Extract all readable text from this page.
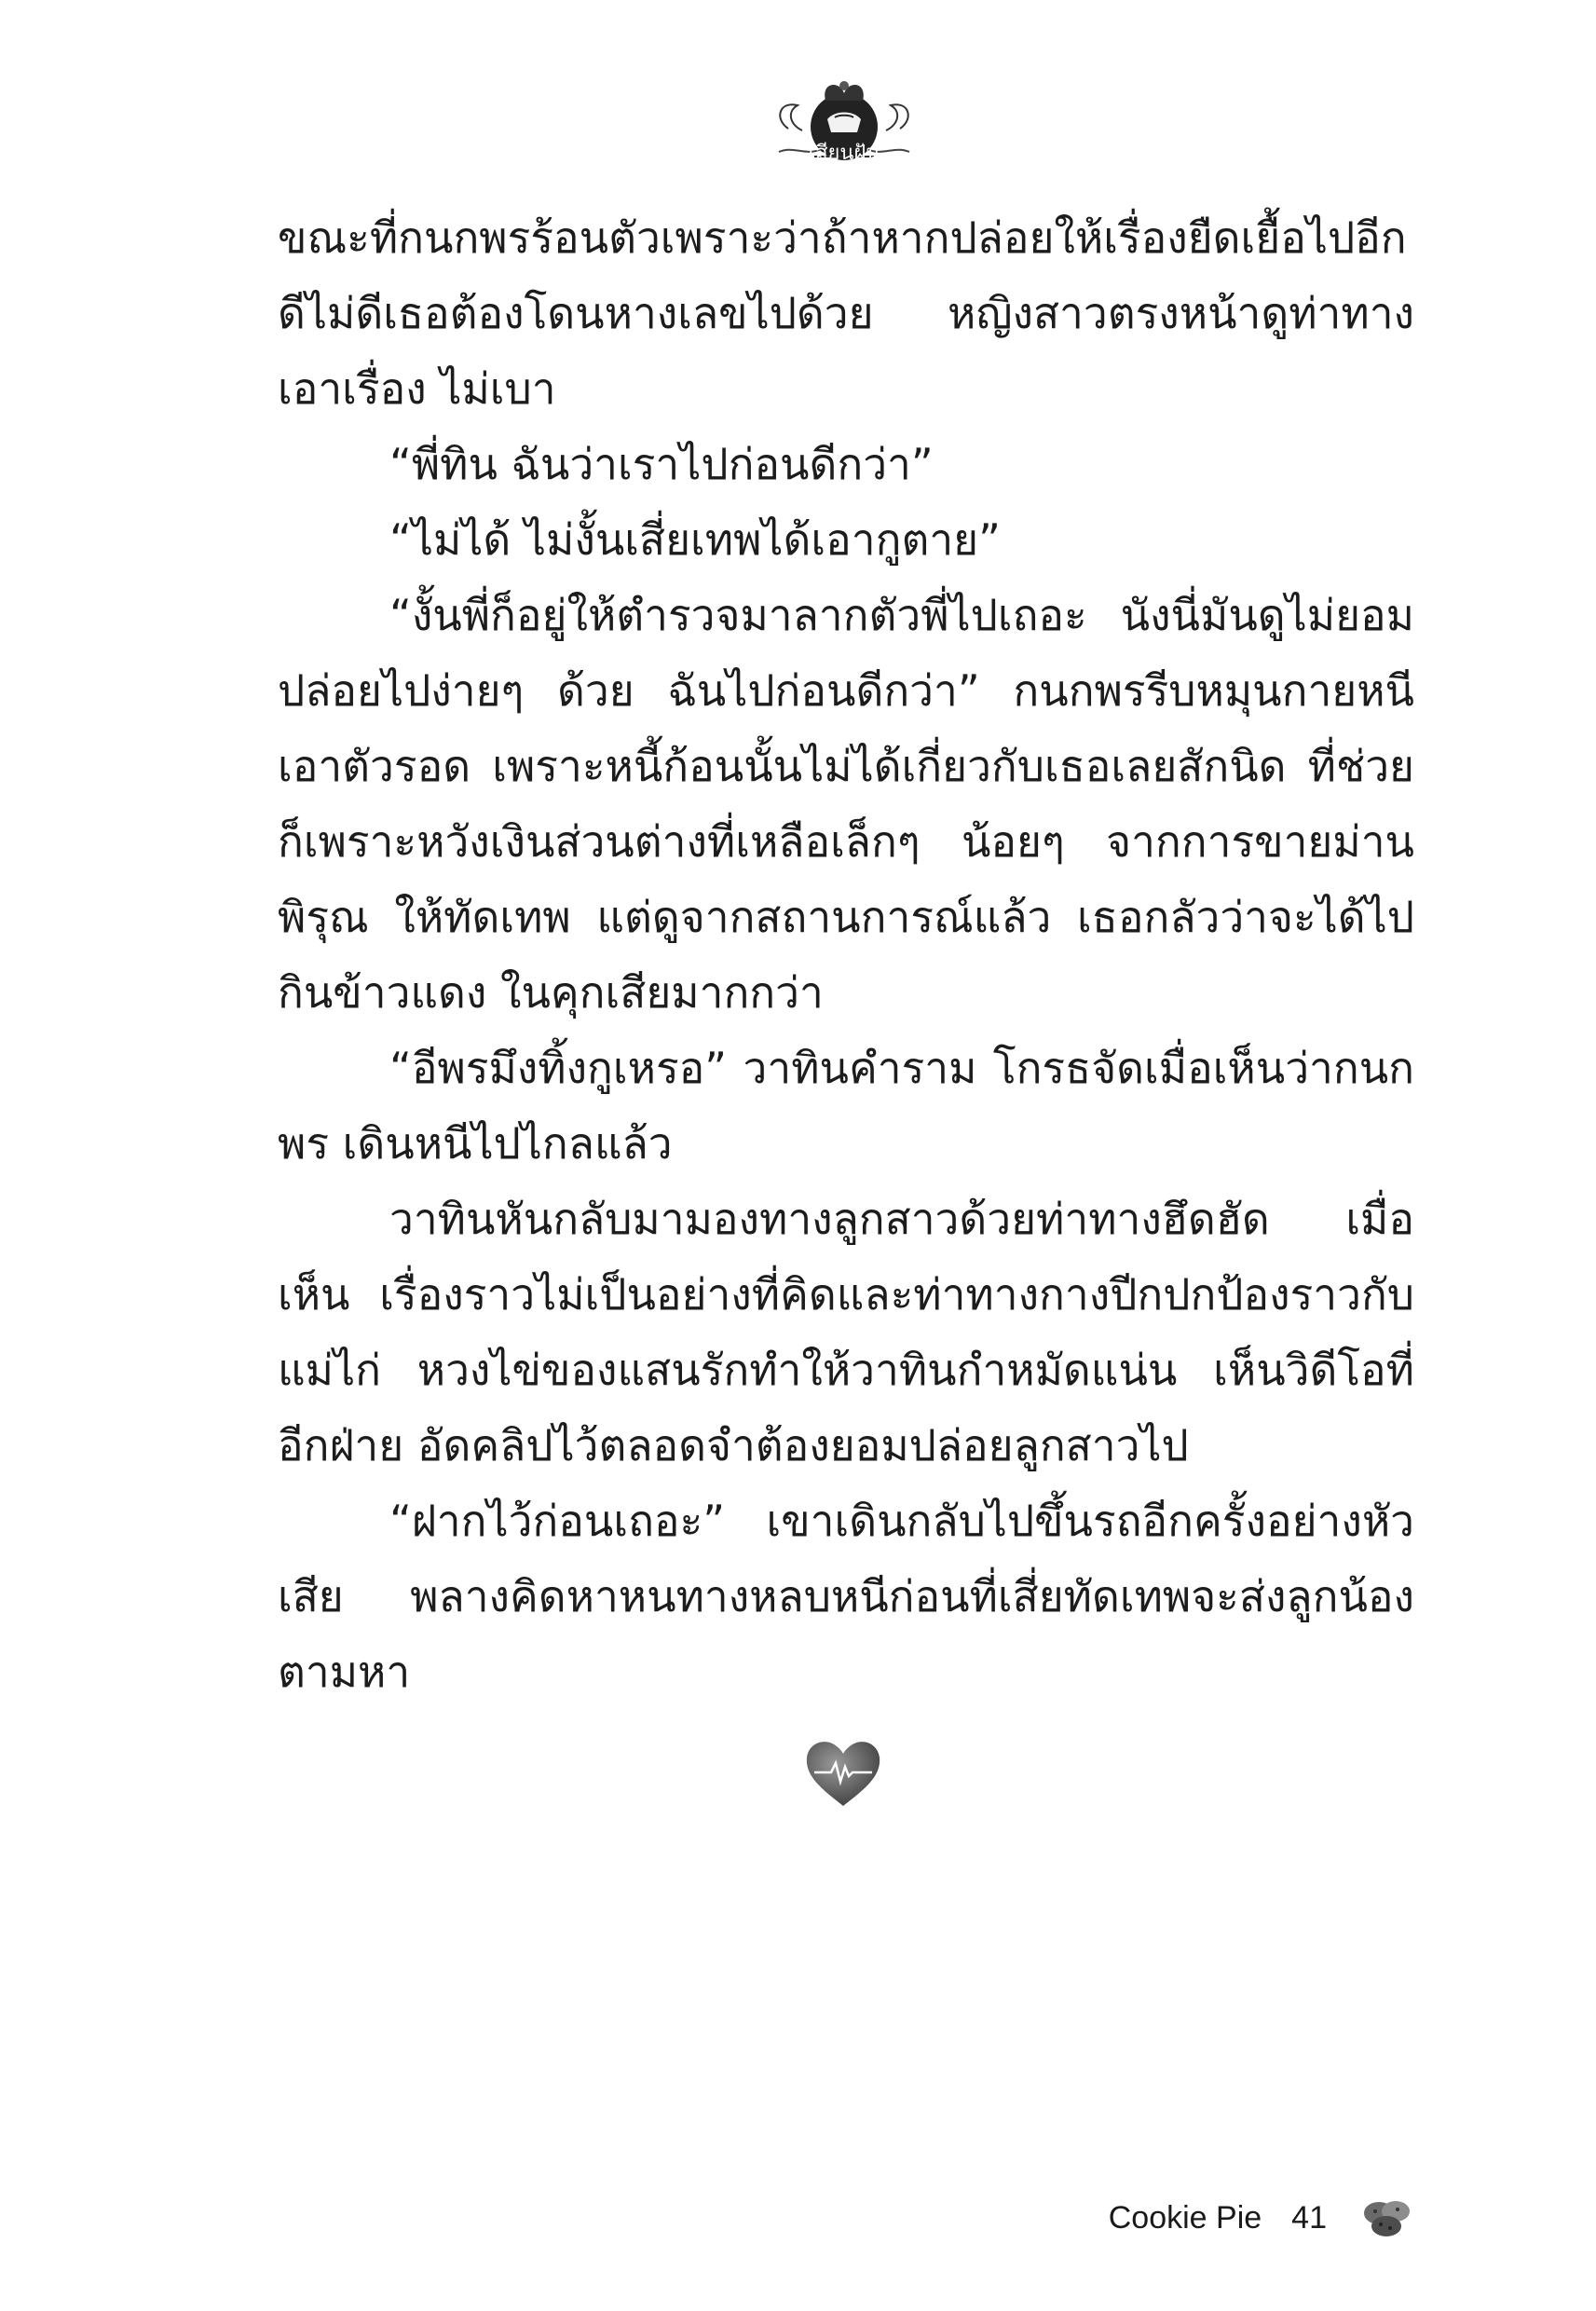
เสียนฝัน

ขณะที่กนกพรร้อนตัวเพราะว่าถ้าหากปล่อยให้เรื่องยืดเยื้อไปอีก ดีไม่ดีเธอต้องโดนหางเลขไปด้วย หญิงสาวตรงหน้าดูท่าทางเอาเรื่อง ไม่เบา

“พี่ทิน ฉันว่าเราไปก่อนดีกว่า”

“ไม่ได้ ไม่งั้นเสี่ยเทพได้เอากูตาย”

“งั้นพี่ก็อยู่ให้ตำรวจมาลากตัวพี่ไปเถอะ นังนี่มันดูไม่ยอม ปล่อยไปง่ายๆ ด้วย ฉันไปก่อนดีกว่า” กนกพรรีบหมุนกายหนี เอาตัวรอด เพราะหนี้ก้อนนั้นไม่ได้เกี่ยวกับเธอเลยสักนิด ที่ช่วย ก็เพราะหวังเงินส่วนต่างที่เหลือเล็กๆ น้อยๆ จากการขายม่านพิรุณ ให้ทัดเทพ แต่ดูจากสถานการณ์แล้ว เธอกลัวว่าจะได้ไปกินข้าวแดง ในคุกเสียมากกว่า

“อีพรมึงทิ้งกูเหรอ” วาทินคำราม โกรธจัดเมื่อเห็นว่ากนกพร เดินหนีไปไกลแล้ว

วาทินหันกลับมามองทางลูกสาวด้วยท่าทางฮึดฮัด เมื่อเห็น เรื่องราวไม่เป็นอย่างที่คิดและท่าทางกางปีกปกป้องราวกับแม่ไก่ หวงไข่ของแสนรักทำให้วาทินกำหมัดแน่น เห็นวิดีโอที่อีกฝ่าย อัดคลิปไว้ตลอดจำต้องยอมปล่อยลูกสาวไป

“ฝากไว้ก่อนเถอะ” เขาเดินกลับไปขึ้นรถอีกครั้งอย่างหัวเสีย พลางคิดหาหนทางหลบหนีก่อนที่เสี่ยทัดเทพจะส่งลูกน้องตามหา

Cookie Pie 41
